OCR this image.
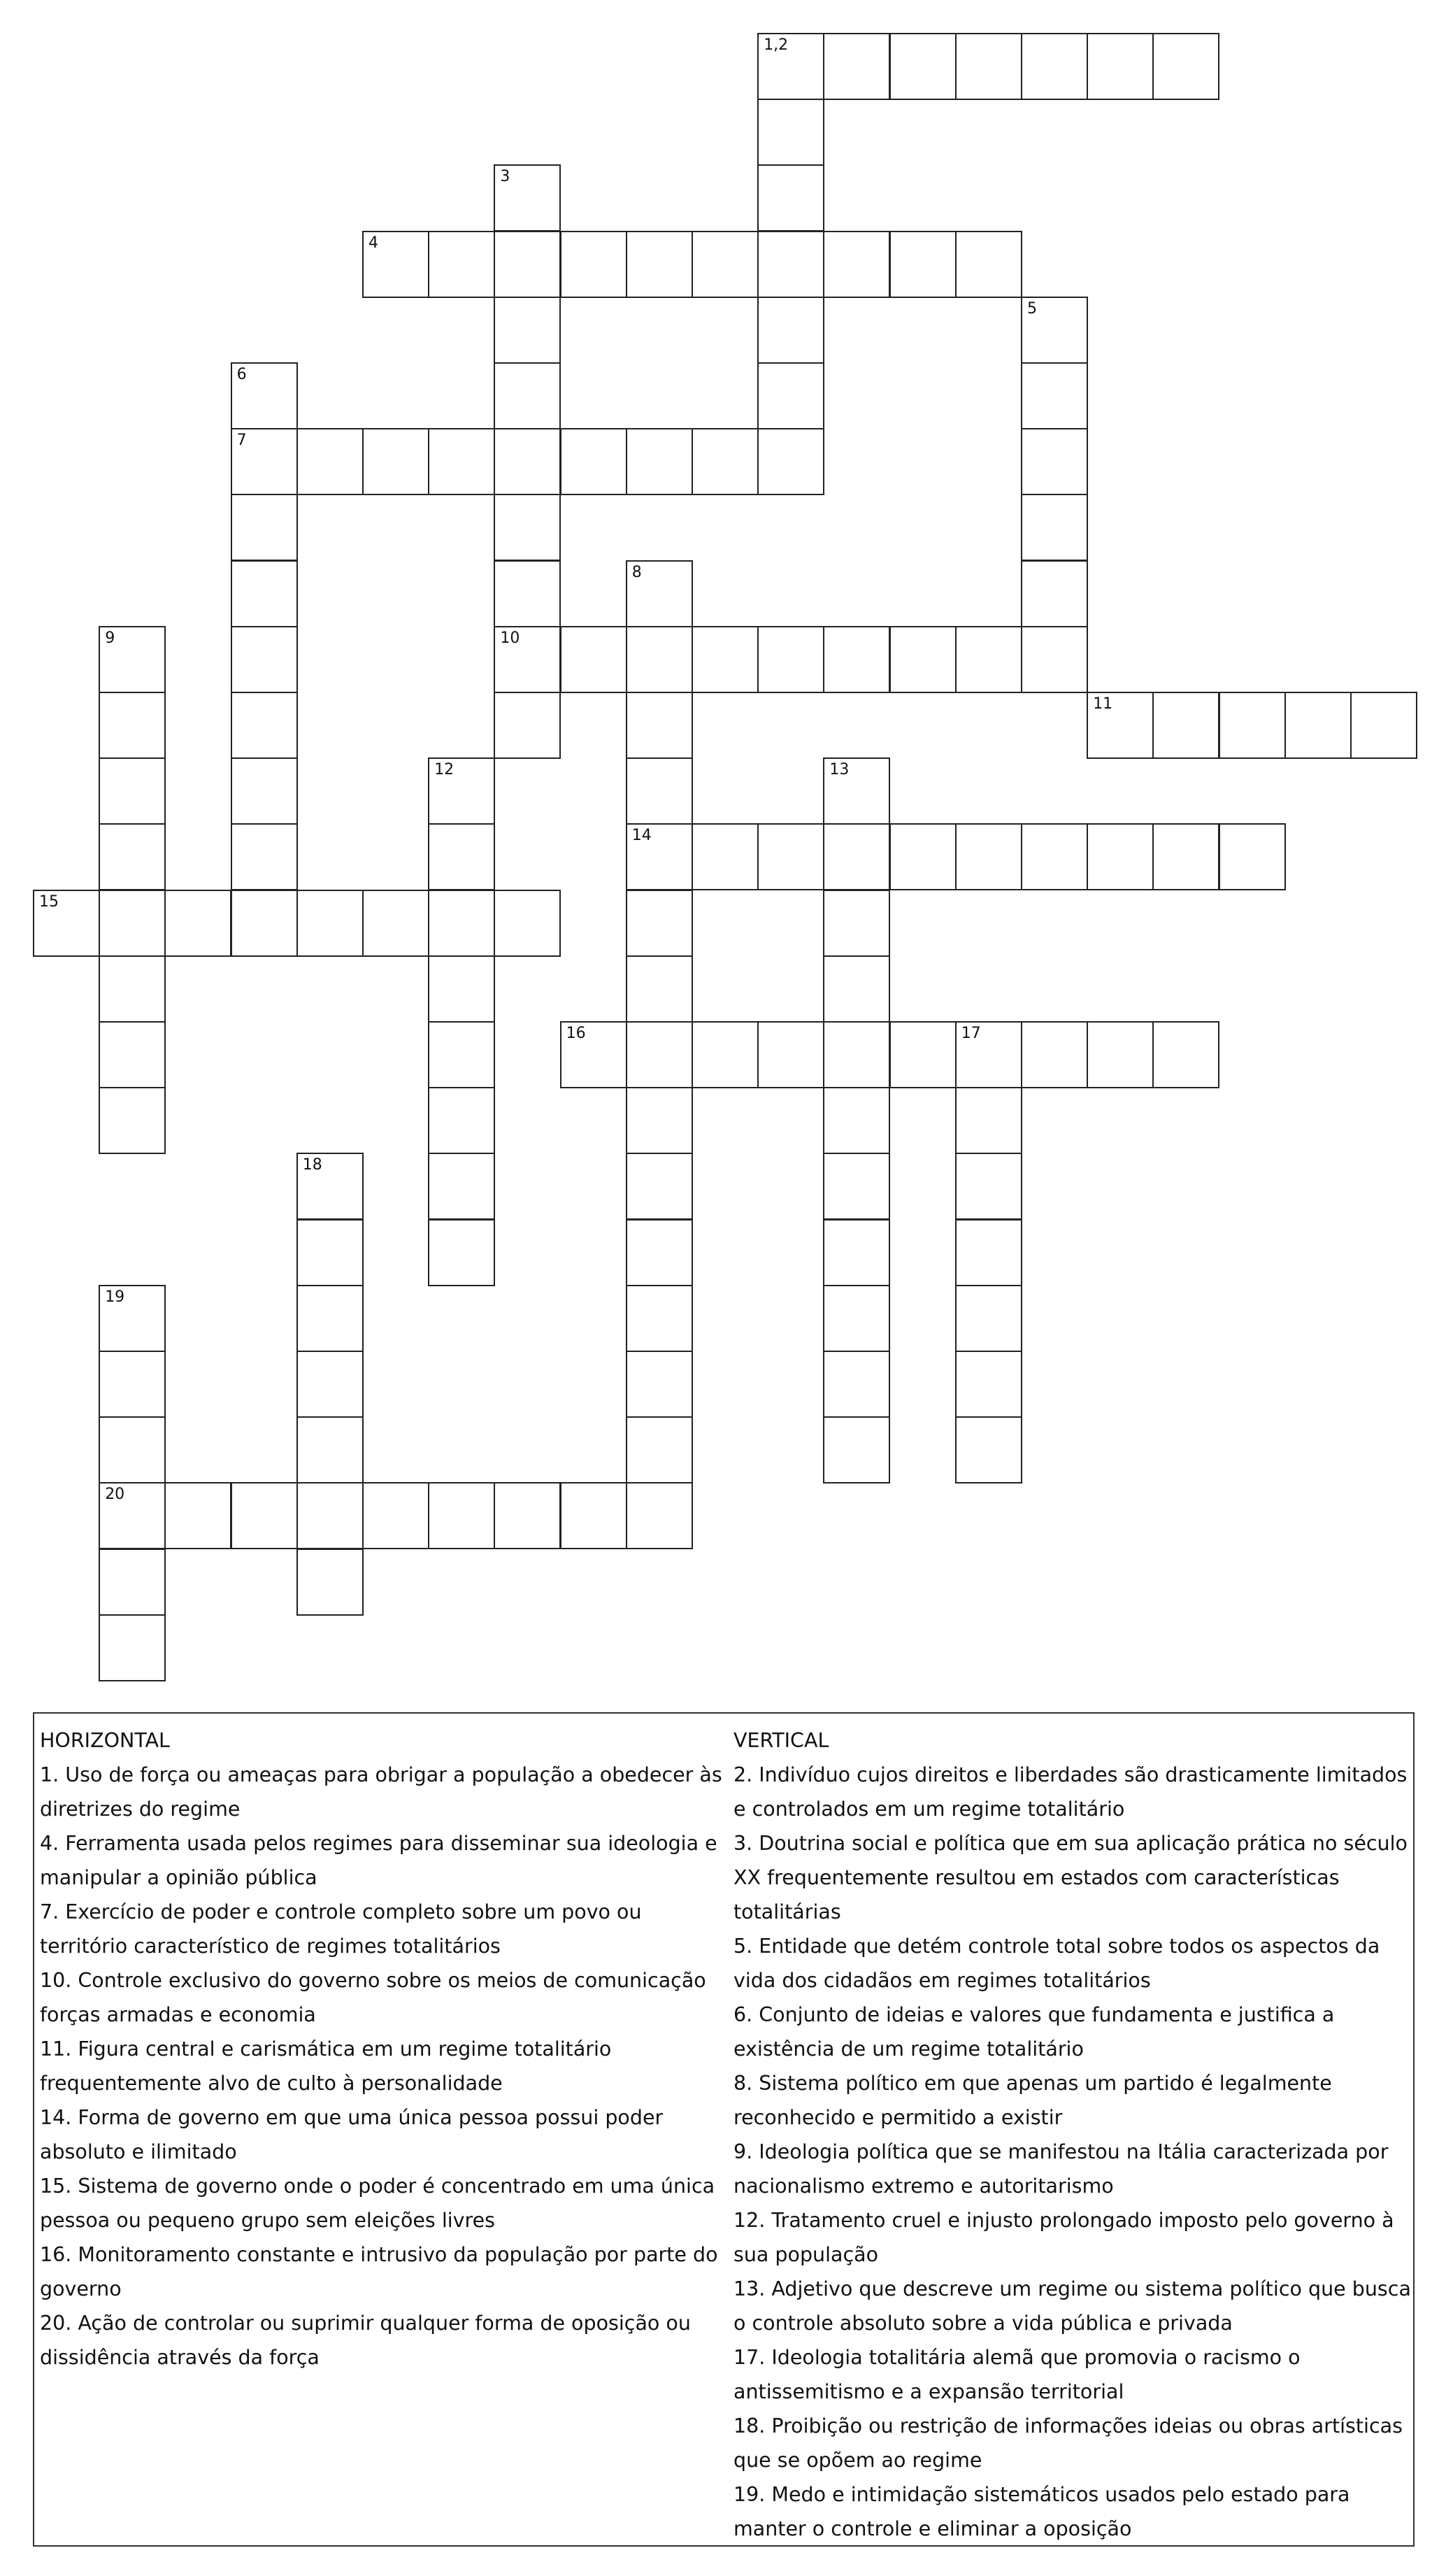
1,2
3
10
4
5
6
7
8
14
9
11
12	13
15
16	17
18
19
20

HORIZONTAL

1. Uso de força ou ameaças para obrigar a população a obedecer às diretrizes do regime

4. Ferramenta usada pelos regimes para disseminar sua ideologia e manipular a opinião pública

7. Exercício de poder e controle completo sobre um povo ou território característico de regimes totalitários

10. Controle exclusivo do governo sobre os meios de comunicação forças armadas e economia

11. Figura central e carismática em um regime totalitário frequentemente alvo de culto à personalidade

14. Forma de governo em que uma única pessoa possui poder absoluto e ilimitado

15. Sistema de governo onde o poder é concentrado em uma única pessoa ou pequeno grupo sem eleições livres

16. Monitoramento constante e intrusivo da população por parte do governo

20. Ação de controlar ou suprimir qualquer forma de oposição ou dissidência através da força

VERTICAL

2. Indivíduo cujos direitos e liberdades são drasticamente limitados e controlados em um regime totalitário

3. Doutrina social e política que em sua aplicação prática no século XX frequentemente resultou em estados com características totalitárias

5. Entidade que detém controle total sobre todos os aspectos da vida dos cidadãos em regimes totalitários

6. Conjunto de ideias e valores que fundamenta e justifica a existência de um regime totalitário

8. Sistema político em que apenas um partido é legalmente reconhecido e permitido a existir

9. Ideologia política que se manifestou na Itália caracterizada por nacionalismo extremo e autoritarismo

12. Tratamento cruel e injusto prolongado imposto pelo governo à sua população

13. Adjetivo que descreve um regime ou sistema político que busca o controle absoluto sobre a vida pública e privada

17. Ideologia totalitária alemã que promovia o racismo o antissemitismo e a expansão territorial

18. Proibição ou restrição de informações ideias ou obras artísticas que se opõem ao regime

19. Medo e intimidação sistemáticos usados pelo estado para manter o controle e eliminar a oposição
